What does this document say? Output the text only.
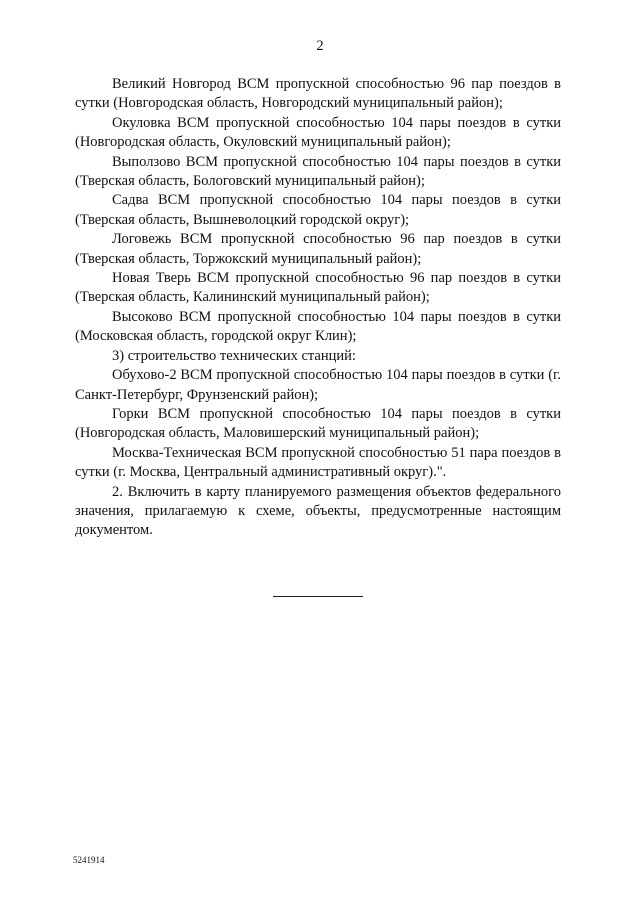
2

Великий Новгород ВСМ пропускной способностью 96 пар поездов в сутки (Новгородская область, Новгородский муниципальный район);

Окуловка ВСМ пропускной способностью 104 пары поездов в сутки (Новгородская область, Окуловский муниципальный район);

Выползово ВСМ пропускной способностью 104 пары поездов в сутки (Тверская область, Бологовский муниципальный район);

Садва ВСМ пропускной способностью 104 пары поездов в сутки (Тверская область, Вышневолоцкий городской округ);

Логовежь ВСМ пропускной способностью 96 пар поездов в сутки (Тверская область, Торжокский муниципальный район);

Новая Тверь ВСМ пропускной способностью 96 пар поездов в сутки (Тверская область, Калининский муниципальный район);

Высоково ВСМ пропускной способностью 104 пары поездов в сутки (Московская область, городской округ Клин);

3) строительство технических станций:

Обухово-2 ВСМ пропускной способностью 104 пары поездов в сутки (г. Санкт-Петербург, Фрунзенский район);

Горки ВСМ пропускной способностью 104 пары поездов в сутки (Новгородская область, Маловишерский муниципальный район);

Москва-Техническая ВСМ пропускной способностью 51 пара поездов в сутки (г. Москва, Центральный административный округ).".

2. Включить в карту планируемого размещения объектов федерального значения, прилагаемую к схеме, объекты, предусмотренные настоящим документом.

5241914
